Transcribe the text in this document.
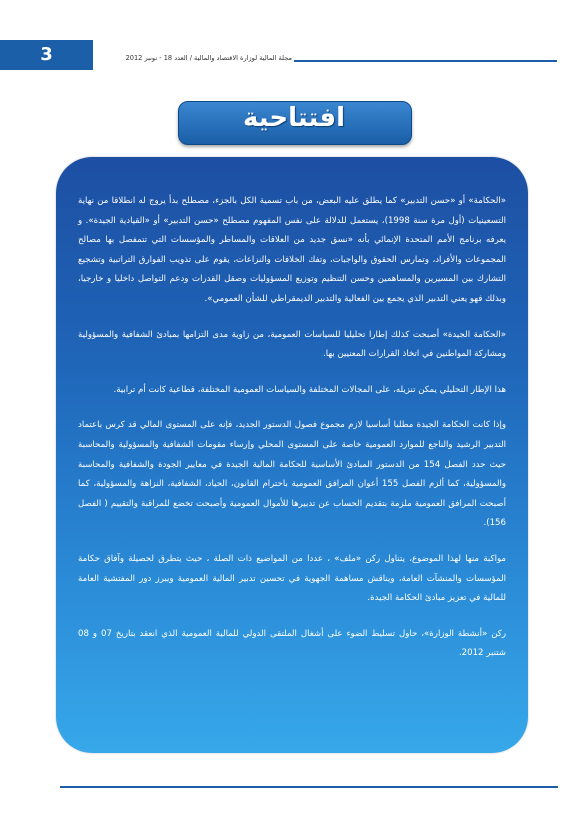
3	مجلة المالية لوزارة الاقتصاد والمالية / العدد 18 - نونبر 2012
افتتاحية

«الحكامة» أو «حسن التدبير» كما يطلق عليه البعض، من باب تسمية الكل بالجزء، مصطلح بدأ يروج له انطلاقا من نهاية التسعينيات (أول مرة سنة 1998)، يستعمل للدلالة على نفس المفهوم مصطلح «حسن التدبير» أو «القيادية الجيدة». و يعرفه برنامج الأمم المتحدة الإنمائي بأنه «نسق جديد من العلاقات والمساطر والمؤسسات التي تتمفصل بها مصالح المجموعات والأفراد، وتمارس الحقوق والواجبات، وتفك الخلافات والنزاعات، يقوم على تذويب الفوارق التراتبية وتشجيع التشارك بين المسيرين والمساهمين وحسن التنظيم وتوزيع المسؤوليات وصقل القدرات ودعم التواصل داخليا و خارجيا، وبذلك فهو يعني التدبير الذي يجمع بين الفعالية والتدبير الديمقراطي للشأن العمومي».

«الحكامة الجيدة» أصبحت كذلك إطارا تحليليا للسياسات العمومية، من زاوية مدى التزامها بمبادئ الشفافية والمسؤولية ومشاركة المواطنين في اتخاذ القرارات المعنيين بها.

هذا الإطار التحليلي يمكن تنزيله، على المجالات المختلفة والسياسات العمومية المختلفة، قطاعية كانت أم ترابية.

وإذا كانت الحكامة الجيدة مطلبا أساسيا لازم مجموع فصول الدستور الجديد، فإنه على المستوى المالي قد كرس باعتماد التدبير الرشيد والناجع للموارد العمومية خاصة على المستوى المحلي وإرساء مقومات الشفافية والمسؤولية والمحاسبة حيث حدد الفصل 154 من الدستور المبادئ الأساسية للحكامة المالية الجيدة في معايير الجودة والشفافية والمحاسبة والمسؤولية، كما ألزم الفصل 155 أعوان المرافق العمومية باحترام القانون، الحياد، الشفافية، النزاهة والمسؤولية، كما أصبحت المرافق العمومية ملزمة بتقديم الحساب عن تدبيرها للأموال العمومية وأصبحت تخضع للمراقبة والتقييم ( الفصل 156).

مواكبة منها لهذا الموضوع، يتناول ركن «ملف» ، عددا من المواضيع ذات الصلة ، حيث يتطرق لحصيلة وآفاق حكامة المؤسسات والمنشآت العامة، ويناقش مساهمة الجهوية في تحسين تدبير المالية العمومية ويبرز دور المفتشية العامة للمالية في تعزيز مبادئ الحكامة الجيدة.

ركن «أنشطة الوزارة»، حاول تسليط الضوء على أشغال الملتقى الدولي للمالية العمومية الذي انعقد بتاريخ 07 و 08 شتنبر 2012.
